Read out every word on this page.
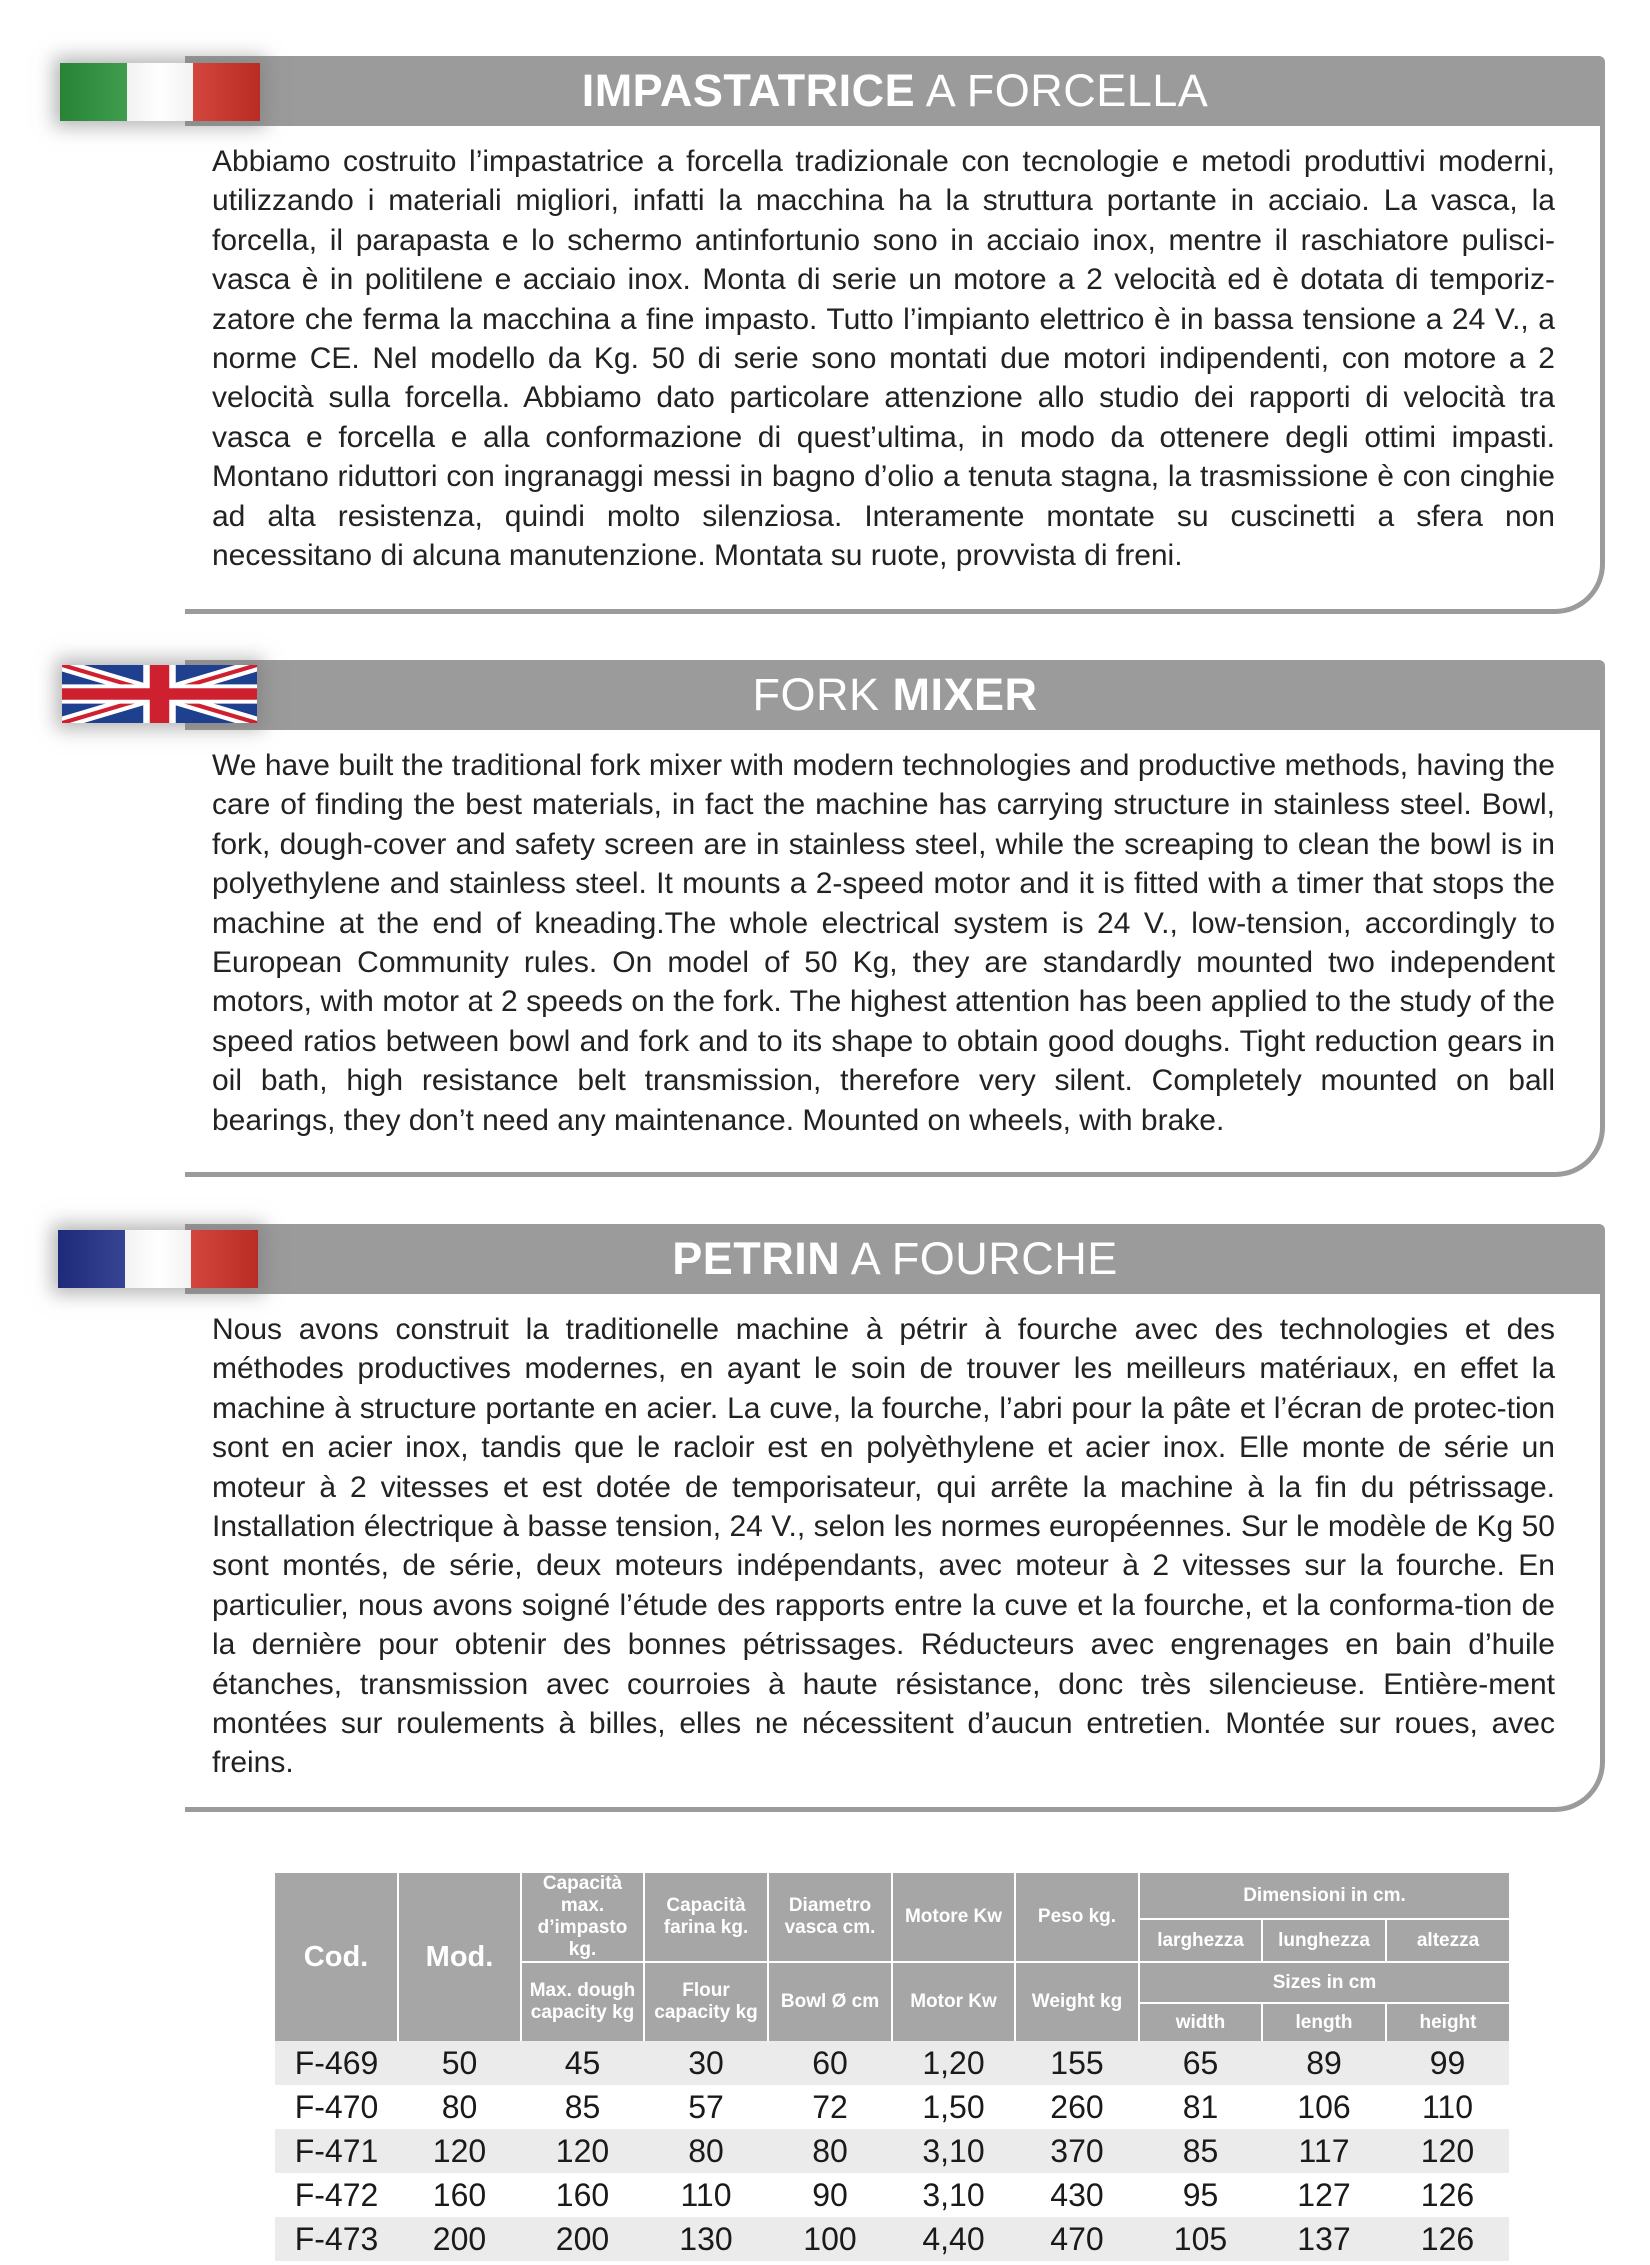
IMPASTATRICE A FORCELLA
Abbiamo costruito l’impastatrice a forcella tradizionale con tecnologie e metodi produttivi moderni, utilizzando i materiali migliori, infatti la macchina ha la struttura portante in acciaio. La vasca, la forcella, il parapasta e lo schermo antinfortunio sono in acciaio inox, mentre il raschiatore pulisci-vasca è in politilene e acciaio inox. Monta di serie un motore a 2 velocità ed è dotata di temporiz-zatore che ferma la macchina a fine impasto. Tutto l’impianto elettrico è in bassa tensione a 24 V., a norme CE. Nel modello da Kg. 50 di serie sono montati due motori indipendenti, con motore a 2 velocità sulla forcella. Abbiamo dato particolare attenzione allo studio dei rapporti di velocità tra vasca e forcella e alla conformazione di quest’ultima, in modo da ottenere degli ottimi impasti. Montano riduttori con ingranaggi messi in bagno d’olio a tenuta stagna, la trasmissione è con cinghie ad alta resistenza, quindi molto silenziosa. Interamente montate su cuscinetti a sfera non necessitano di alcuna manutenzione. Montata su ruote, provvista di freni.
FORK MIXER
We have built the traditional fork mixer with modern technologies and productive methods, having the care of finding the best materials, in fact the machine has carrying structure in stainless steel. Bowl, fork, dough-cover and safety screen are in stainless steel, while the screaping to clean the bowl is in polyethylene and stainless steel. It mounts a 2-speed motor and it is fitted with a timer that stops the machine at the end of kneading.The whole electrical system is 24 V., low-tension, accordingly to European Community rules. On model of 50 Kg, they are standardly mounted two independent motors, with motor at 2 speeds on the fork. The highest attention has been applied to the study of the speed ratios between bowl and fork and to its shape to obtain good doughs. Tight reduction gears in oil bath, high resistance belt transmission, therefore very silent. Completely mounted on ball bearings, they don’t need any maintenance. Mounted on wheels, with brake.
PETRIN A FOURCHE
Nous avons construit la traditionelle machine à pétrir à fourche avec des technologies et des méthodes productives modernes, en ayant le soin de trouver les meilleurs matériaux, en effet la machine à structure portante en acier. La cuve, la fourche, l’abri pour la pâte et l’écran de protec-tion sont en acier inox, tandis que le racloir est en polyèthylene et acier inox. Elle monte de série un moteur à 2 vitesses et est dotée de temporisateur, qui arrête la machine à la fin du pétrissage. Installation électrique à basse tension, 24 V., selon les normes européennes. Sur le modèle de Kg 50 sont montés, de série, deux moteurs indépendants, avec moteur à 2 vitesses sur la fourche. En particulier, nous avons soigné l’étude des rapports entre la cuve et la fourche, et la conforma-tion de la dernière pour obtenir des bonnes pétrissages. Réducteurs avec engrenages en bain d’huile étanches, transmission avec courroies à haute résistance, donc très silencieuse. Entière-ment montées sur roulements à billes, elles ne nécessitent d’aucun entretien. Montée sur roues, avec freins.
Cod.	Mod.	Capacità max. d’impasto kg.	Capacità farina kg.	Diametro vasca cm.	Motore Kw	Peso kg.	Dimensioni in cm.		
							larghezza	lunghezza	altezza
		Max. dough capacity kg	Flour capacity kg	Bowl Ø cm	Motor Kw	Weight kg	Sizes in cm		
							width	length	height
F-469	50	45	30	60	1,20	155	65	89	99
F-470	80	85	57	72	1,50	260	81	106	110
F-471	120	120	80	80	3,10	370	85	117	120
F-472	160	160	110	90	3,10	430	95	127	126
F-473	200	200	130	100	4,40	470	105	137	126
